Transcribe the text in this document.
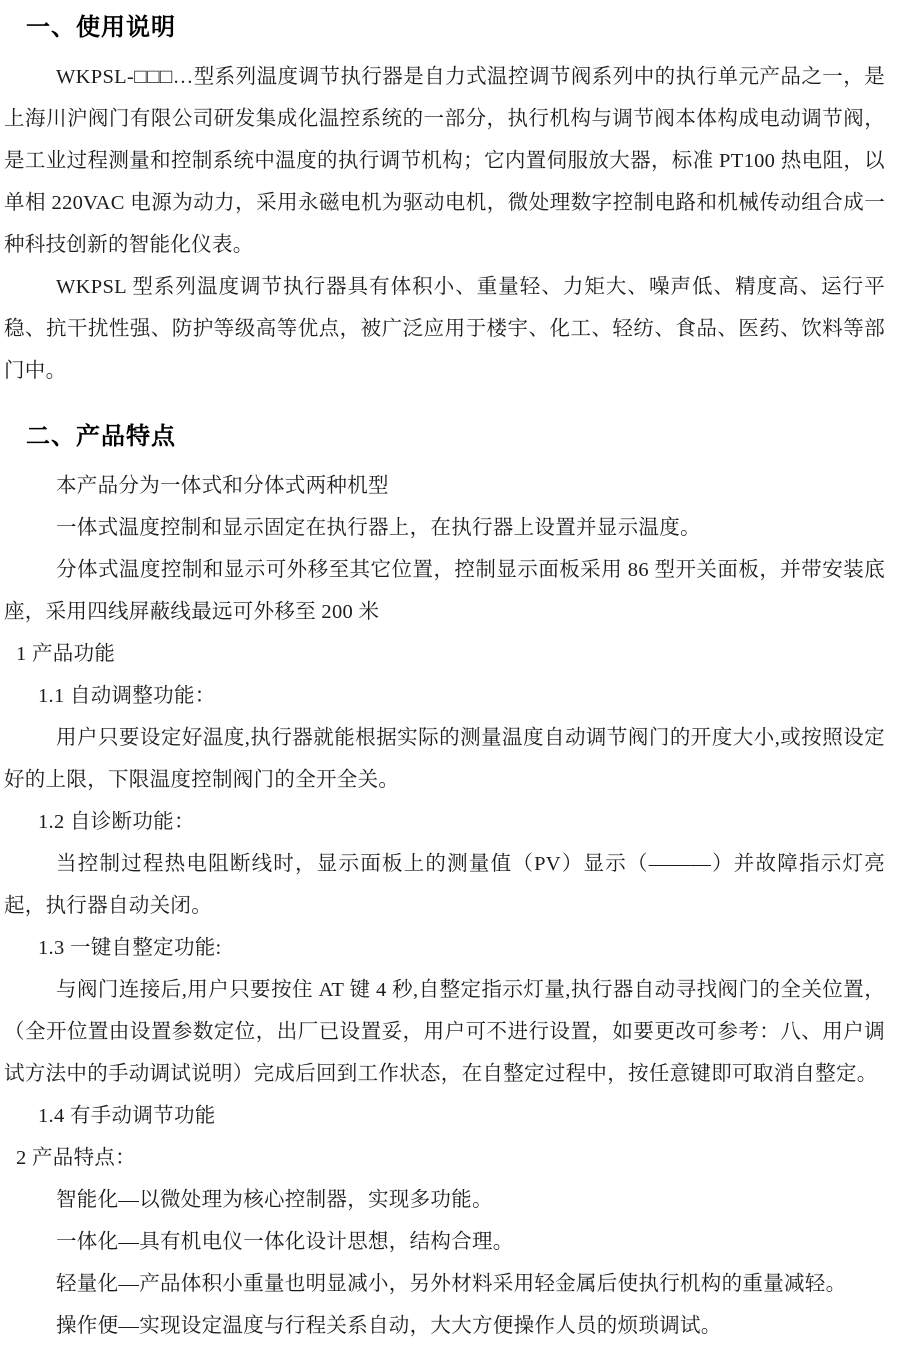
一、使用说明

WKPSL-□□□…型系列温度调节执行器是自力式温控调节阀系列中的执行单元产品之一，是上海川沪阀门有限公司研发集成化温控系统的一部分，执行机构与调节阀本体构成电动调节阀，是工业过程测量和控制系统中温度的执行调节机构；它内置伺服放大器，标准 PT100 热电阻，以单相 220VAC 电源为动力，采用永磁电机为驱动电机，微处理数字控制电路和机械传动组合成一种科技创新的智能化仪表。

WKPSL 型系列温度调节执行器具有体积小、重量轻、力矩大、噪声低、精度高、运行平稳、抗干扰性强、防护等级高等优点，被广泛应用于楼宇、化工、轻纺、食品、医药、饮料等部门中。

二、产品特点

本产品分为一体式和分体式两种机型

一体式温度控制和显示固定在执行器上，在执行器上设置并显示温度。

分体式温度控制和显示可外移至其它位置，控制显示面板采用 86 型开关面板，并带安装底座，采用四线屏蔽线最远可外移至 200 米

1 产品功能

1.1 自动调整功能：

用户只要设定好温度,执行器就能根据实际的测量温度自动调节阀门的开度大小,或按照设定好的上限，下限温度控制阀门的全开全关。

1.2 自诊断功能：

当控制过程热电阻断线时，显示面板上的测量值（PV）显示（———）并故障指示灯亮起，执行器自动关闭。

1.3 一键自整定功能:

与阀门连接后,用户只要按住 AT 键 4 秒,自整定指示灯量,执行器自动寻找阀门的全关位置，（全开位置由设置参数定位，出厂已设置妥，用户可不进行设置，如要更改可参考：八、用户调试方法中的手动调试说明）完成后回到工作状态，在自整定过程中，按任意键即可取消自整定。

1.4 有手动调节功能

2 产品特点：

智能化—以微处理为核心控制器，实现多功能。

一体化—具有机电仪一体化设计思想，结构合理。

轻量化—产品体积小重量也明显减小，另外材料采用轻金属后使执行机构的重量减轻。

操作便—实现设定温度与行程关系自动，大大方便操作人员的烦琐调试。
